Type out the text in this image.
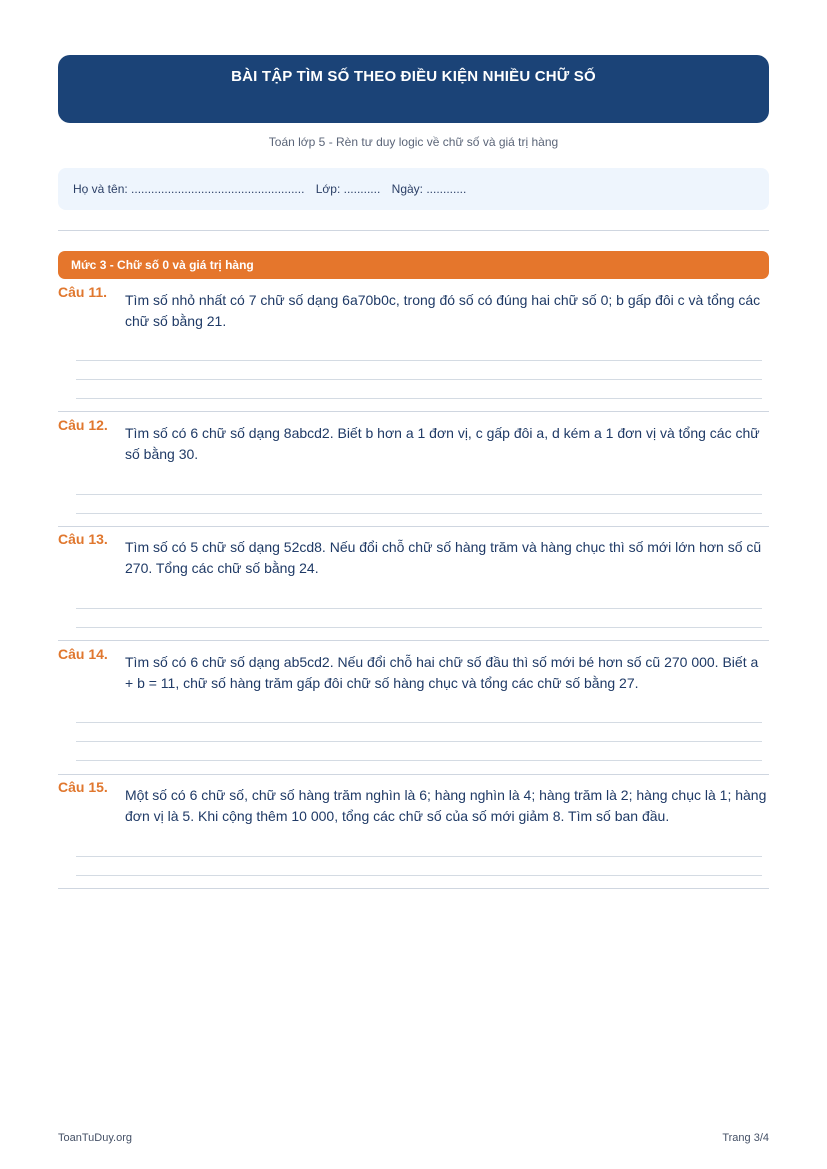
BÀI TẬP TÌM SỐ THEO ĐIỀU KIỆN NHIỀU CHỮ SỐ
Toán lớp 5 - Rèn tư duy logic về chữ số và giá trị hàng
Họ và tên: .................................................... Lớp: ........... Ngày: ............
Mức 3 - Chữ số 0 và giá trị hàng
Câu 11. Tìm số nhỏ nhất có 7 chữ số dạng 6a70b0c, trong đó số có đúng hai chữ số 0; b gấp đôi c và tổng các chữ số bằng 21.
Câu 12. Tìm số có 6 chữ số dạng 8abcd2. Biết b hơn a 1 đơn vị, c gấp đôi a, d kém a 1 đơn vị và tổng các chữ số bằng 30.
Câu 13. Tìm số có 5 chữ số dạng 52cd8. Nếu đổi chỗ chữ số hàng trăm và hàng chục thì số mới lớn hơn số cũ 270. Tổng các chữ số bằng 24.
Câu 14. Tìm số có 6 chữ số dạng ab5cd2. Nếu đổi chỗ hai chữ số đầu thì số mới bé hơn số cũ 270 000. Biết a + b = 11, chữ số hàng trăm gấp đôi chữ số hàng chục và tổng các chữ số bằng 27.
Câu 15. Một số có 6 chữ số, chữ số hàng trăm nghìn là 6; hàng nghìn là 4; hàng trăm là 2; hàng chục là 1; hàng đơn vị là 5. Khi cộng thêm 10 000, tổng các chữ số của số mới giảm 8. Tìm số ban đầu.
ToanTuDuy.org	Trang 3/4
